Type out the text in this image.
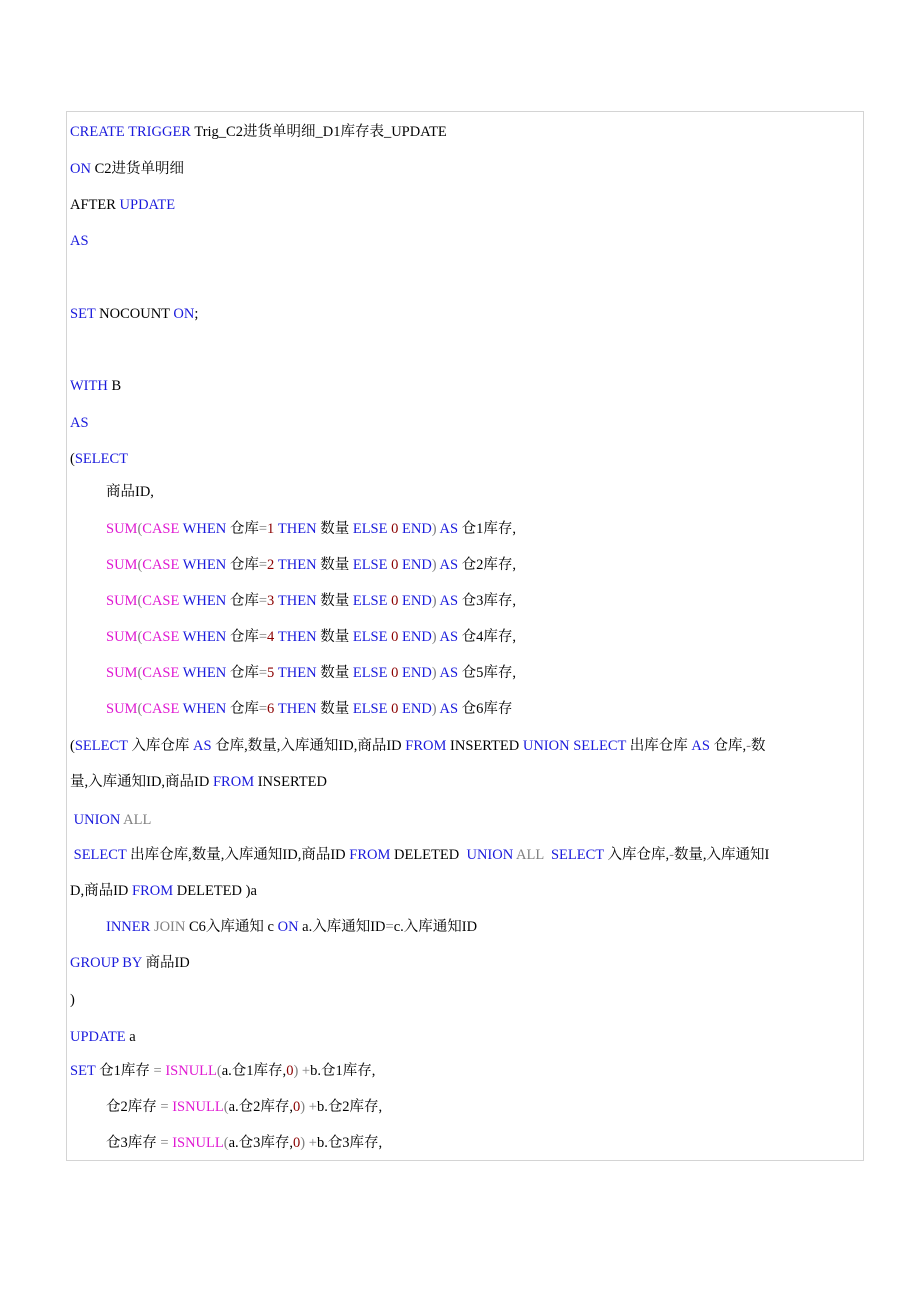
CREATE TRIGGER Trig_C2进货单明细_D1库存表_UPDATE
ON C2进货单明细
AFTER UPDATE
AS
SET NOCOUNT ON;
WITH B
AS
(SELECT
商品ID,
SUM(CASE WHEN 仓库=1 THEN 数量 ELSE 0 END) AS 仓1库存,
SUM(CASE WHEN 仓库=2 THEN 数量 ELSE 0 END) AS 仓2库存,
SUM(CASE WHEN 仓库=3 THEN 数量 ELSE 0 END) AS 仓3库存,
SUM(CASE WHEN 仓库=4 THEN 数量 ELSE 0 END) AS 仓4库存,
SUM(CASE WHEN 仓库=5 THEN 数量 ELSE 0 END) AS 仓5库存,
SUM(CASE WHEN 仓库=6 THEN 数量 ELSE 0 END) AS 仓6库存
(SELECT 入库仓库 AS 仓库,数量,入库通知ID,商品ID FROM INSERTED UNION SELECT 出库仓库 AS 仓库,-数
量,入库通知ID,商品ID FROM INSERTED
UNION ALL
SELECT 出库仓库,数量,入库通知ID,商品ID FROM DELETED  UNION ALL SELECT 入库仓库,-数量,入库通知I
D,商品ID FROM DELETED )a
INNER JOIN C6入库通知 c ON a.入库通知ID=c.入库通知ID
GROUP BY 商品ID
)
UPDATE a
SET 仓1库存 = ISNULL(a.仓1库存,0) +b.仓1库存,
仓2库存 = ISNULL(a.仓2库存,0) +b.仓2库存,
仓3库存 = ISNULL(a.仓3库存,0) +b.仓3库存,
